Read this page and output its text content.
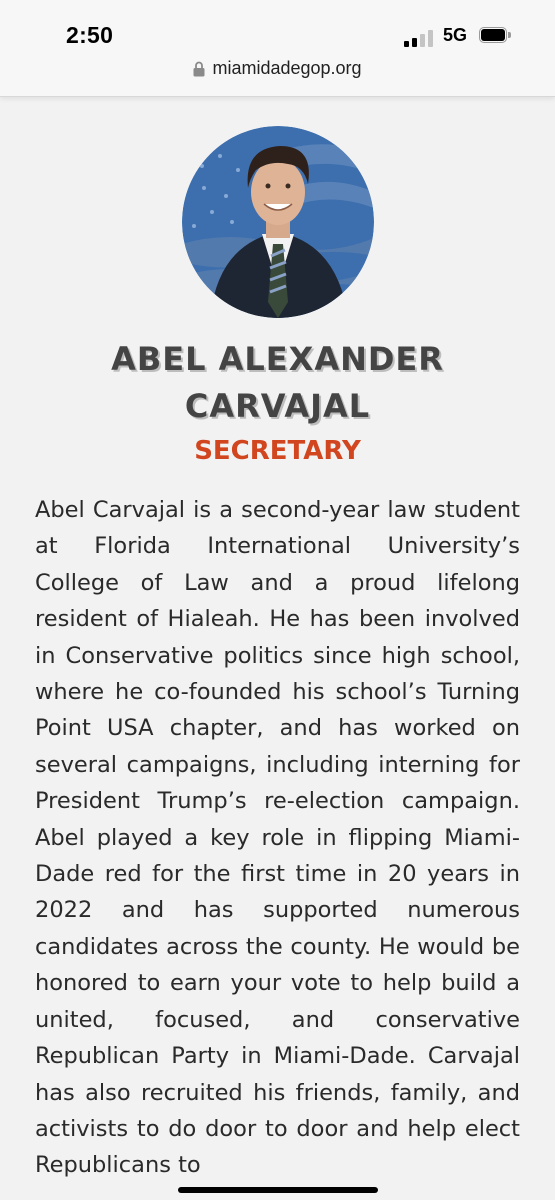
2:50	5G
miamidadegop.org
ABEL ALEXANDER
CARVAJAL
SECRETARY

Abel Carvajal is a second-year law student at Florida International University’s College of Law and a proud lifelong resident of Hialeah. He has been involved in Conservative politics since high school, where he co-founded his school’s Turning Point USA chapter, and has worked on several campaigns, including interning for President Trump’s re-election campaign. Abel played a key role in flipping Miami-Dade red for the first time in 20 years in 2022 and has supported numerous candidates across the county. He would be honored to earn your vote to help build a united, focused, and conservative Republican Party in Miami-Dade. Carvajal has also recruited his friends, family, and activists to do door to door and help elect Republicans to
